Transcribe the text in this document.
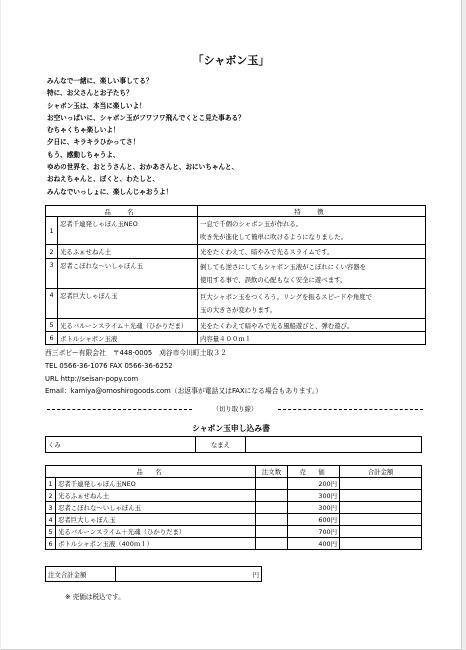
「シャボン玉」
みんなで一緒に、楽しい事してる？
特に、お父さんとお子たち？
シャボン玉は、本当に楽しいよ！
お空いっぱいに、シャボン玉がフワフワ飛んでくとこ見た事ある？
むちゃくちゃ楽しいよ！
夕日に、キラキラひかってさ！
もう、感動しちゃうよ、
ゆめの世界を、おとうさんと、おかあさんと、おにいちゃんと、
おねえちゃんと、ぼくと、わたしと、
みんなでいっしょに、楽しんじゃおうよ！
品　名		特　徴
1	忍者千連発しゃぼん玉NEO	一息で千個のシャボン玉が作れる。
吹き先が進化して簡単に吹けるようになりました。

2	光るふぁせねん土	光をたくわえて、暗やみで光るスライムです。
3	忍者こぼれな〜いしゃぼん玉	倒しても逆さにしてもシャボン玉液がこぼれにくい容器を
使用する事で、誤飲の心配もなく安全に遊べます。

4	忍者巨大しゃぼん玉	巨大シャボン玉をつくろう。リングを振るスピードや角度で
玉の大きさが変わります。

5	光るバルーンスライム＋光魂（ひかりだま）	光をたくわえて暗やみで光る風船遊びと、弾む遊び。
6	ボトルシャボン玉液	内容量４００ｍｌ
西三ポピー有限会社　〒448-0005　刈谷市今川町土取３２
TEL 0566-36-1076 FAX 0566-36-6252
Email：kamiya@omoshirogoods.com（お返事が電話又はFAXになる場合もあります。）
URL http://seisan-popy.com
（切り取り線）
シャボン玉申し込み書
くみ	なまえ	
品　名		注文数	売　価	合計金額
1	忍者千連発しゃぼん玉NEO		200円	
2	光るふぁせねん土		300円	
3	忍者こぼれな〜いしゃぼん玉		300円	
4	忍者巨大しゃぼん玉		600円	
5	光るバルーンスライム＋光魂（ひかりだま）		700円	
6	ボトルシャボン玉液（400ｍｌ）		400円	
注文合計金額	円
※ 売価は税込です。
